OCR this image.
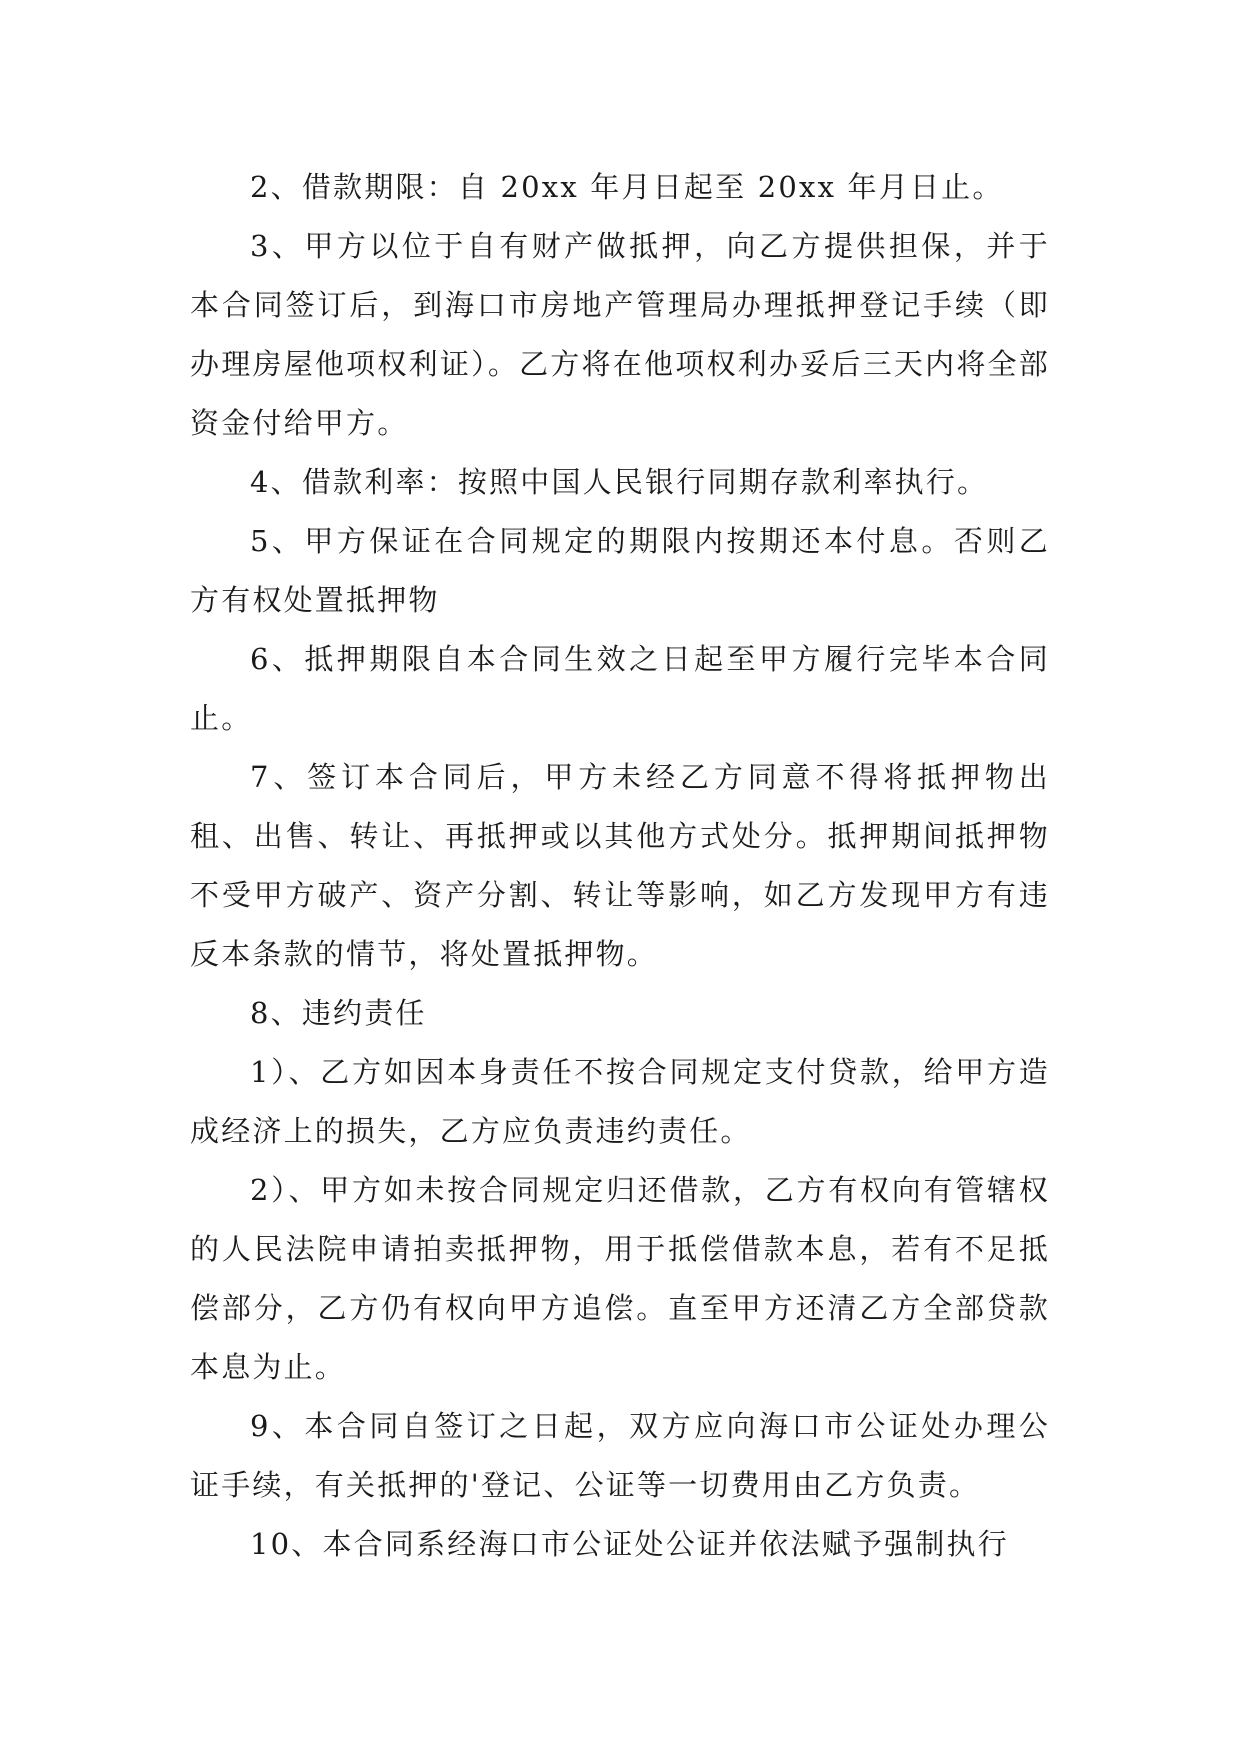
2、借款期限：自 20xx 年月日起至 20xx 年月日止。

3、甲方以位于自有财产做抵押，向乙方提供担保，并于本合同签订后，到海口市房地产管理局办理抵押登记手续（即办理房屋他项权利证）。乙方将在他项权利办妥后三天内将全部资金付给甲方。

4、借款利率：按照中国人民银行同期存款利率执行。

5、甲方保证在合同规定的期限内按期还本付息。否则乙方有权处置抵押物

6、抵押期限自本合同生效之日起至甲方履行完毕本合同止。

7、签订本合同后，甲方未经乙方同意不得将抵押物出租、出售、转让、再抵押或以其他方式处分。抵押期间抵押物不受甲方破产、资产分割、转让等影响，如乙方发现甲方有违反本条款的情节，将处置抵押物。

8、违约责任

1）、乙方如因本身责任不按合同规定支付贷款，给甲方造成经济上的损失，乙方应负责违约责任。

2）、甲方如未按合同规定归还借款，乙方有权向有管辖权的人民法院申请拍卖抵押物，用于抵偿借款本息，若有不足抵偿部分，乙方仍有权向甲方追偿。直至甲方还清乙方全部贷款本息为止。

9、本合同自签订之日起，双方应向海口市公证处办理公证手续，有关抵押的'登记、公证等一切费用由乙方负责。

10、本合同系经海口市公证处公证并依法赋予强制执行
